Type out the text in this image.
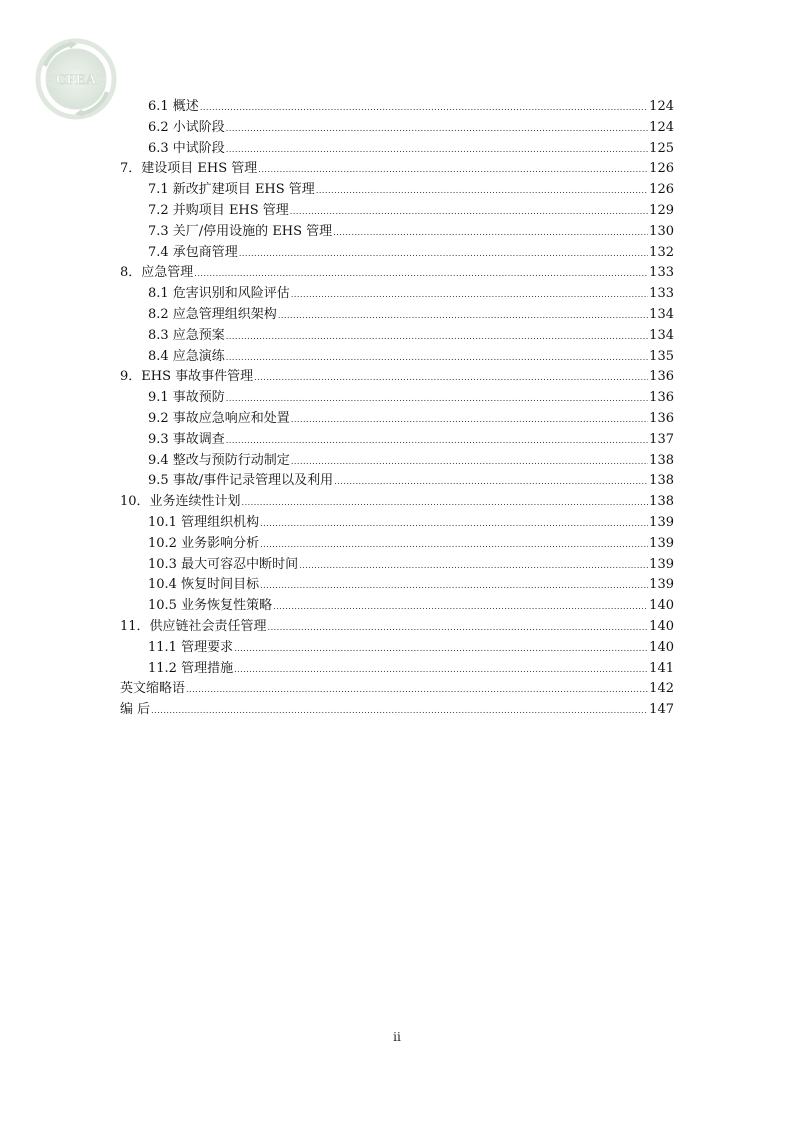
CPEA
6.1 概述 .....	124
6.2 小试阶段 .....	124
6.3 中试阶段 .....	125
7．建设项目 EHS 管理 .....	126
7.1 新改扩建项目 EHS 管理 .....	126
7.2 并购项目 EHS 管理 .....	129
7.3 关厂/停用设施的 EHS 管理 .....	130
7.4 承包商管理 .....	132
8．应急管理 .....	133
8.1 危害识别和风险评估 .....	133
8.2 应急管理组织架构 .....	134
8.3 应急预案 .....	134
8.4 应急演练 .....	135
9．EHS 事故事件管理 .....	136
9.1 事故预防 .....	136
9.2 事故应急响应和处置 .....	136
9.3 事故调查 .....	137
9.4 整改与预防行动制定 .....	138
9.5 事故/事件记录管理以及利用 .....	138
10．业务连续性计划 .....	138
10.1 管理组织机构 .....	139
10.2 业务影响分析 .....	139
10.3 最大可容忍中断时间 .....	139
10.4 恢复时间目标 .....	139
10.5 业务恢复性策略 .....	140
11．供应链社会责任管理 .....	140
11.1 管理要求 .....	140
11.2 管理措施 .....	141
英文缩略语 .....	142
编 后 .....	147
ii
